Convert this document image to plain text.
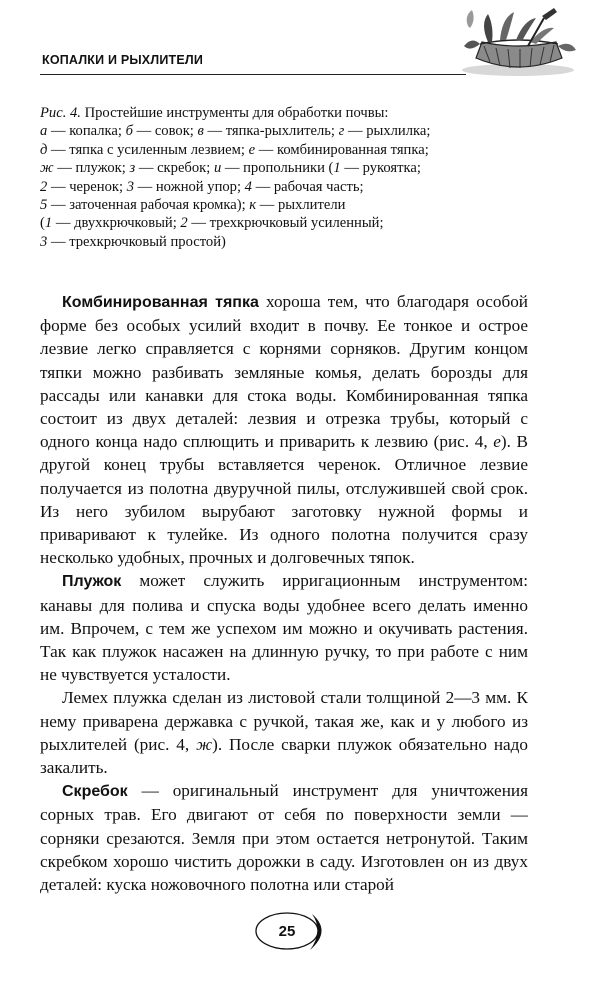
КОПАЛКИ И РЫХЛИТЕЛИ
Рис. 4. Простейшие инструменты для обработки почвы:
а — копалка; б — совок; в — тяпка-рыхлитель; г — рыхлилка;
д — тяпка с усиленным лезвием; е — комбинированная тяпка;
ж — плужок; з — скребок; и — пропольники (1 — рукоятка;
2 — черенок; 3 — ножной упор; 4 — рабочая часть;
5 — заточенная рабочая кромка); к — рыхлители
(1 — двухкрючковый; 2 — трехкрючковый усиленный;
3 — трехкрючковый простой)

Комбинированная тяпка хороша тем, что благодаря особой форме без особых усилий входит в почву. Ее тонкое и острое лезвие легко справляется с корнями сорняков. Другим концом тяпки можно разбивать земляные комья, делать борозды для рассады или канавки для стока воды. Комбинированная тяпка состоит из двух деталей: лезвия и отрезка трубы, который с одного конца надо сплющить и приварить к лезвию (рис. 4, е). В другой конец трубы вставляется черенок. Отличное лезвие получается из полотна двуручной пилы, отслужившей свой срок. Из него зубилом вырубают заготовку нужной формы и приваривают к тулейке. Из одного полотна получится сразу несколько удобных, прочных и долговечных тяпок.

Плужок может служить ирригационным инструментом: канавы для полива и спуска воды удобнее всего делать именно им. Впрочем, с тем же успехом им можно и окучивать растения. Так как плужок насажен на длинную ручку, то при работе с ним не чувствуется усталости.

Лемех плужка сделан из листовой стали толщиной 2—3 мм. К нему приварена державка с ручкой, такая же, как и у любого из рыхлителей (рис. 4, ж). После сварки плужок обязательно надо закалить.

Скребок — оригинальный инструмент для уничтожения сорных трав. Его двигают от себя по поверхности земли — сорняки срезаются. Земля при этом остается нетронутой. Таким скребком хорошо чистить дорожки в саду. Изготовлен он из двух деталей: куска ножовочного полотна или старой

25
